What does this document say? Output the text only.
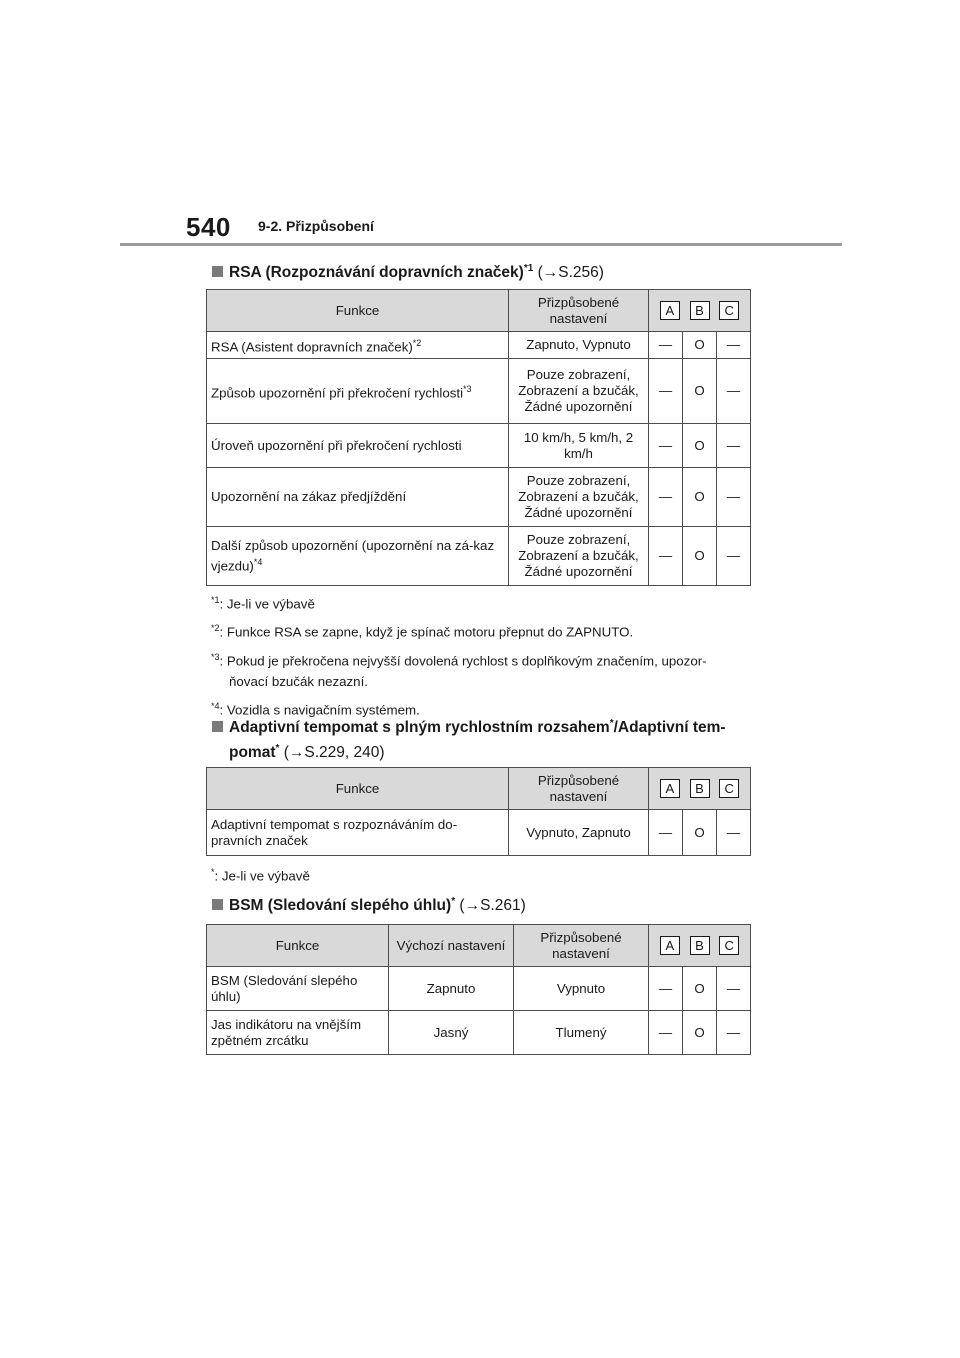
540 9-2. Přizpůsobení
RSA (Rozpoznávání dopravních značek)$^{*1}$ (→S.256)
Funkce	Přizpůsobené nastavení	A B C		

RSA (Asistent dopravních značek)$^{*2}$	Zapnuto, Vypnuto	—	O	—
Způsob upozornění při překročení rychlosti$^{*3}$	Pouze zobrazení, Zobrazení a bzučák, Žádné upozornění	—	O	—
Úroveň upozornění při překročení rychlosti	10 km/h, 5 km/h, 2 km/h	—	O	—
Upozornění na zákaz předjíždění	Pouze zobrazení, Zobrazení a bzučák, Žádné upozornění	—	O	—
Další způsob upozornění (upozornění na zá-kaz vjezdu)$^{*4}$	Pouze zobrazení, Zobrazení a bzučák, Žádné upozornění	—	O	—
$^{*1}$: Je-li ve výbavě
$^{*2}$: Funkce RSA se zapne, když je spínač motoru přepnut do ZAPNUTO.
$^{*3}$: Pokud je překročena nejvyšší dovolená rychlost s doplňkovým značením, upozor-
ňovací bzučák nezazní.
$^{*4}$: Vozidla s navigačním systémem.
Adaptivní tempomat s plným rychlostním rozsahem*/Adaptivní tem-
pomat* (→S.229, 240)
Funkce	Přizpůsobené nastavení	A B C		

Adaptivní tempomat s rozpoznáváním do-pravních značek	Vypnuto, Zapnuto	—	O	—
*: Je-li ve výbavě
BSM (Sledování slepého úhlu)* (→S.261)
Funkce	Výchozí nastavení	Přizpůsobené nastavení	A B C		

BSM (Sledování slepého úhlu)	Zapnuto	Vypnuto	—	O	—
Jas indikátoru na vnějším zpětném zrcátku	Jasný	Tlumený	—	O	—
